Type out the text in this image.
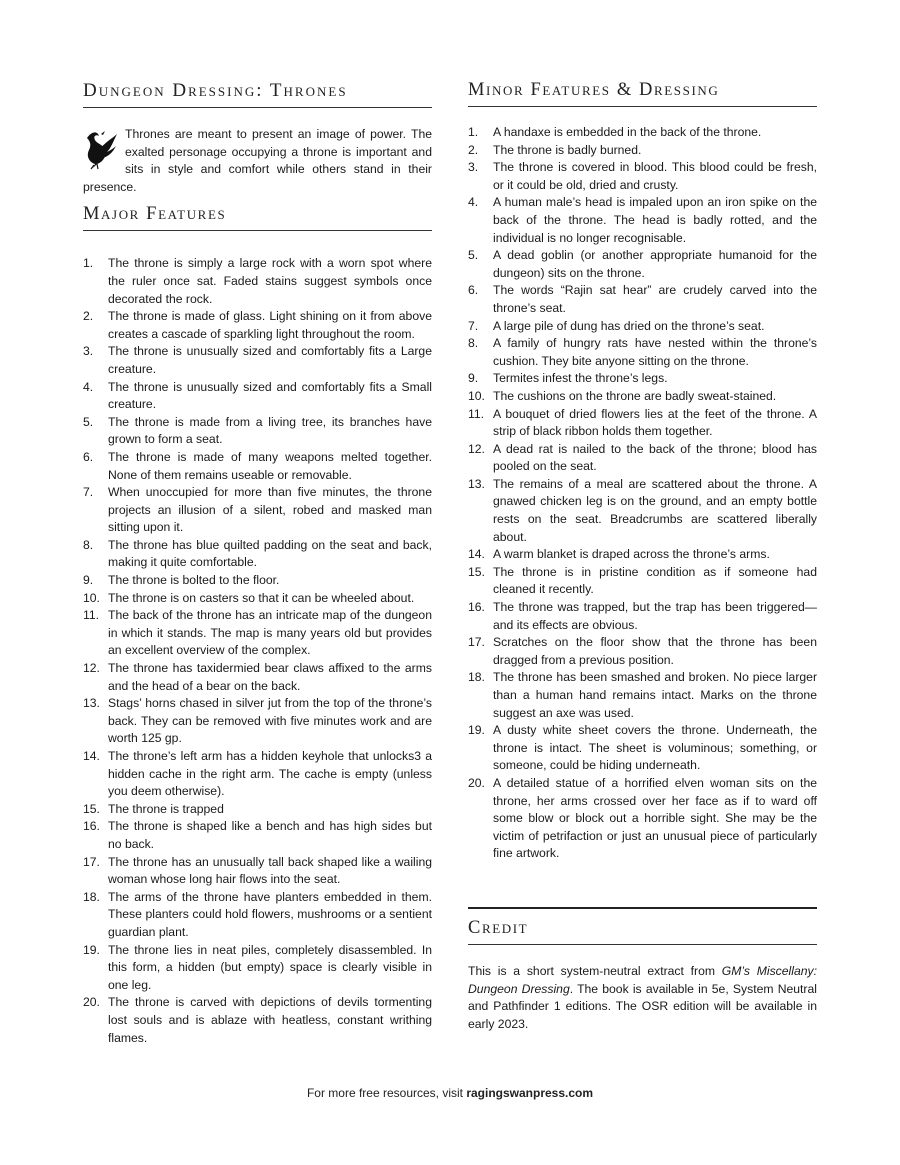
Dungeon Dressing: Thrones
Thrones are meant to present an image of power. The exalted personage occupying a throne is important and sits in style and comfort while others stand in their presence.
Major Features
1. The throne is simply a large rock with a worn spot where the ruler once sat. Faded stains suggest symbols once decorated the rock.
2. The throne is made of glass. Light shining on it from above creates a cascade of sparkling light throughout the room.
3. The throne is unusually sized and comfortably fits a Large creature.
4. The throne is unusually sized and comfortably fits a Small creature.
5. The throne is made from a living tree, its branches have grown to form a seat.
6. The throne is made of many weapons melted together. None of them remains useable or removable.
7. When unoccupied for more than five minutes, the throne projects an illusion of a silent, robed and masked man sitting upon it.
8. The throne has blue quilted padding on the seat and back, making it quite comfortable.
9. The throne is bolted to the floor.
10. The throne is on casters so that it can be wheeled about.
11. The back of the throne has an intricate map of the dungeon in which it stands. The map is many years old but provides an excellent overview of the complex.
12. The throne has taxidermied bear claws affixed to the arms and the head of a bear on the back.
13. Stags’ horns chased in silver jut from the top of the throne’s back. They can be removed with five minutes work and are worth 125 gp.
14. The throne’s left arm has a hidden keyhole that unlocks3 a hidden cache in the right arm. The cache is empty (unless you deem otherwise).
15. The throne is trapped
16. The throne is shaped like a bench and has high sides but no back.
17. The throne has an unusually tall back shaped like a wailing woman whose long hair flows into the seat.
18. The arms of the throne have planters embedded in them. These planters could hold flowers, mushrooms or a sentient guardian plant.
19. The throne lies in neat piles, completely disassembled. In this form, a hidden (but empty) space is clearly visible in one leg.
20. The throne is carved with depictions of devils tormenting lost souls and is ablaze with heatless, constant writhing flames.
Minor Features & Dressing
1. A handaxe is embedded in the back of the throne.
2. The throne is badly burned.
3. The throne is covered in blood. This blood could be fresh, or it could be old, dried and crusty.
4. A human male’s head is impaled upon an iron spike on the back of the throne. The head is badly rotted, and the individual is no longer recognisable.
5. A dead goblin (or another appropriate humanoid for the dungeon) sits on the throne.
6. The words “Rajin sat hear” are crudely carved into the throne’s seat.
7. A large pile of dung has dried on the throne’s seat.
8. A family of hungry rats have nested within the throne’s cushion. They bite anyone sitting on the throne.
9. Termites infest the throne’s legs.
10. The cushions on the throne are badly sweat-stained.
11. A bouquet of dried flowers lies at the feet of the throne. A strip of black ribbon holds them together.
12. A dead rat is nailed to the back of the throne; blood has pooled on the seat.
13. The remains of a meal are scattered about the throne. A gnawed chicken leg is on the ground, and an empty bottle rests on the seat. Breadcrumbs are scattered liberally about.
14. A warm blanket is draped across the throne’s arms.
15. The throne is in pristine condition as if someone had cleaned it recently.
16. The throne was trapped, but the trap has been triggered—and its effects are obvious.
17. Scratches on the floor show that the throne has been dragged from a previous position.
18. The throne has been smashed and broken. No piece larger than a human hand remains intact. Marks on the throne suggest an axe was used.
19. A dusty white sheet covers the throne. Underneath, the throne is intact. The sheet is voluminous; something, or someone, could be hiding underneath.
20. A detailed statue of a horrified elven woman sits on the throne, her arms crossed over her face as if to ward off some blow or block out a horrible sight. She may be the victim of petrifaction or just an unusual piece of particularly fine artwork.
Credit

This is a short system-neutral extract from GM’s Miscellany: Dungeon Dressing. The book is available in 5e, System Neutral and Pathfinder 1 editions. The OSR edition will be available in early 2023.

For more free resources, visit ragingswanpress.com
